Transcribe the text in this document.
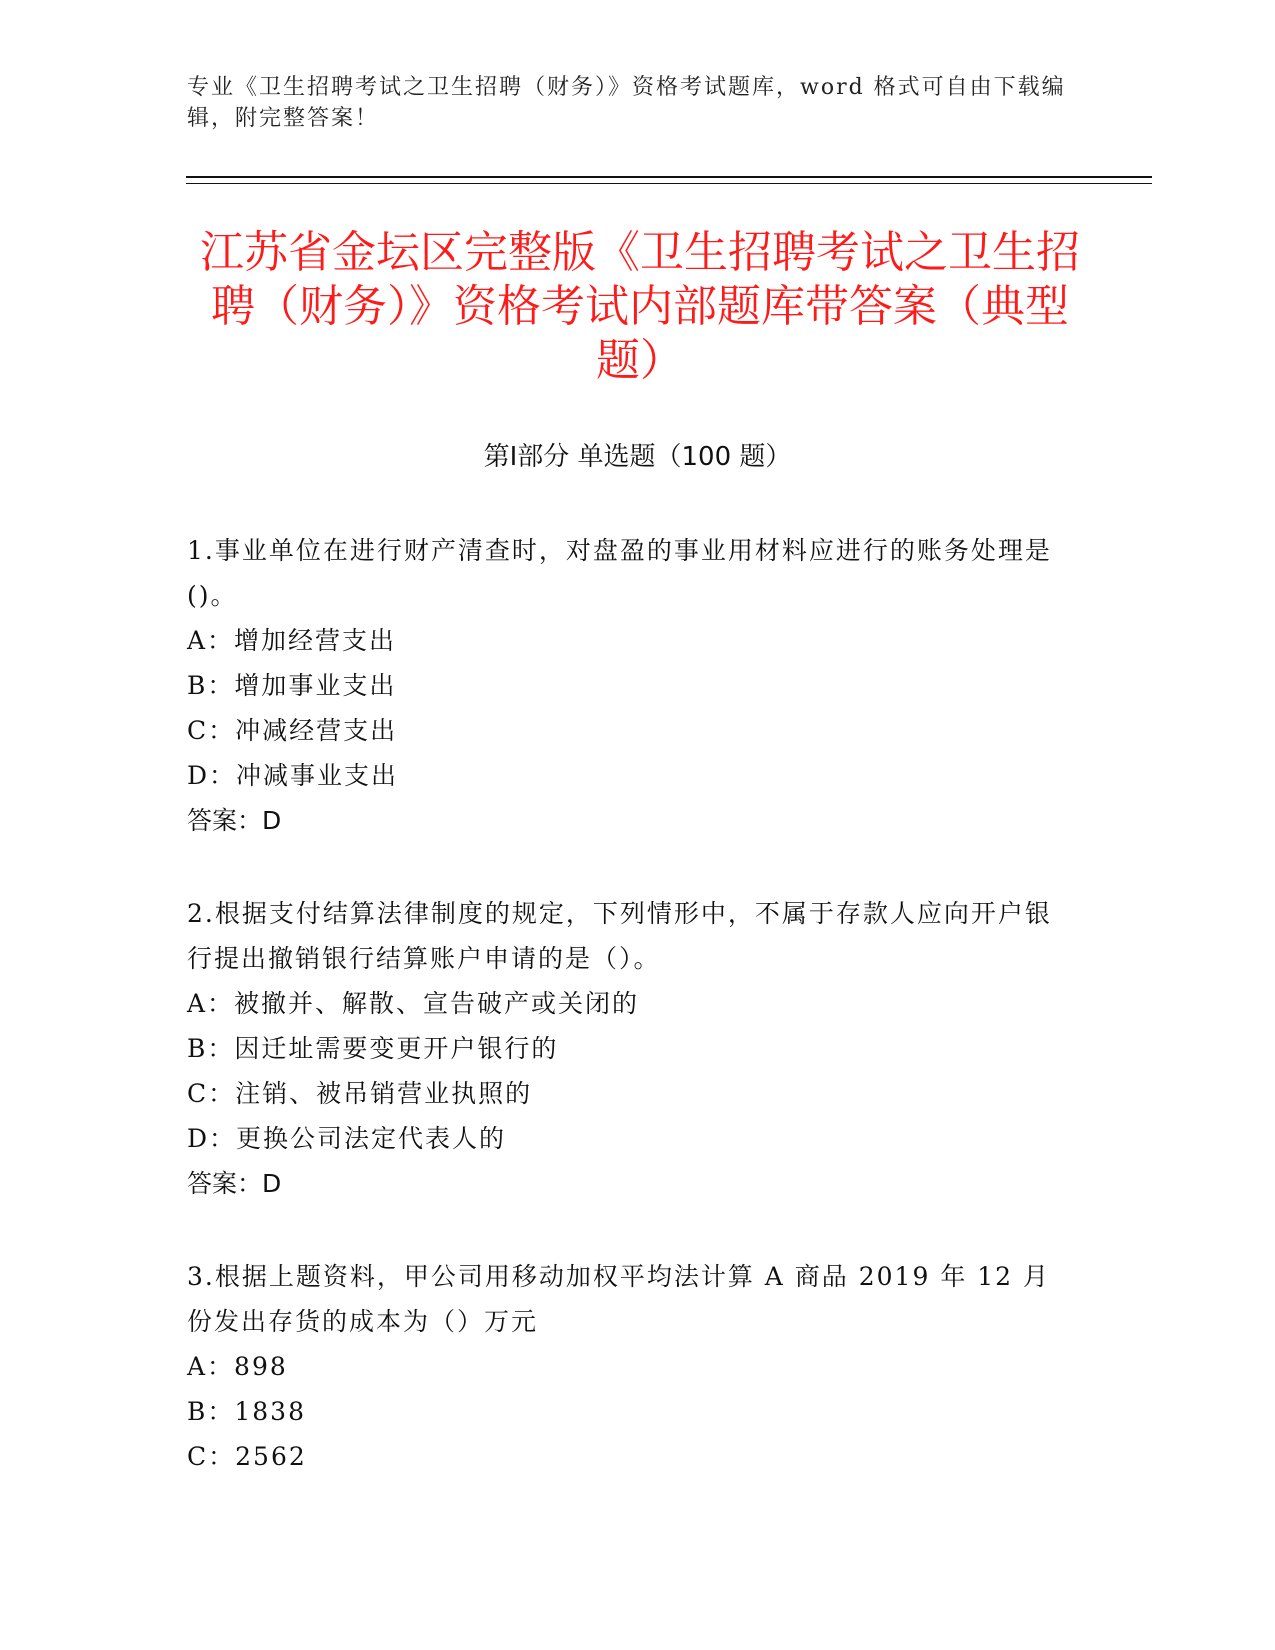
专业《卫生招聘考试之卫生招聘（财务）》资格考试题库，word 格式可自由下载编辑，附完整答案！
江苏省金坛区完整版《卫生招聘考试之卫生招聘（财务）》资格考试内部题库带答案（典型题）
第Ⅰ部分 单选题（100 题）

1.事业单位在进行财产清查时，对盘盈的事业用材料应进行的账务处理是()。

A：增加经营支出

B：增加事业支出

C：冲减经营支出

D：冲减事业支出

答案：D

2.根据支付结算法律制度的规定，下列情形中，不属于存款人应向开户银行提出撤销银行结算账户申请的是（）。

A：被撤并、解散、宣告破产或关闭的

B：因迁址需要变更开户银行的

C：注销、被吊销营业执照的

D：更换公司法定代表人的

答案：D

3.根据上题资料，甲公司用移动加权平均法计算 A 商品 2019 年 12 月份发出存货的成本为（）万元

A：898

B：1838

C：2562
